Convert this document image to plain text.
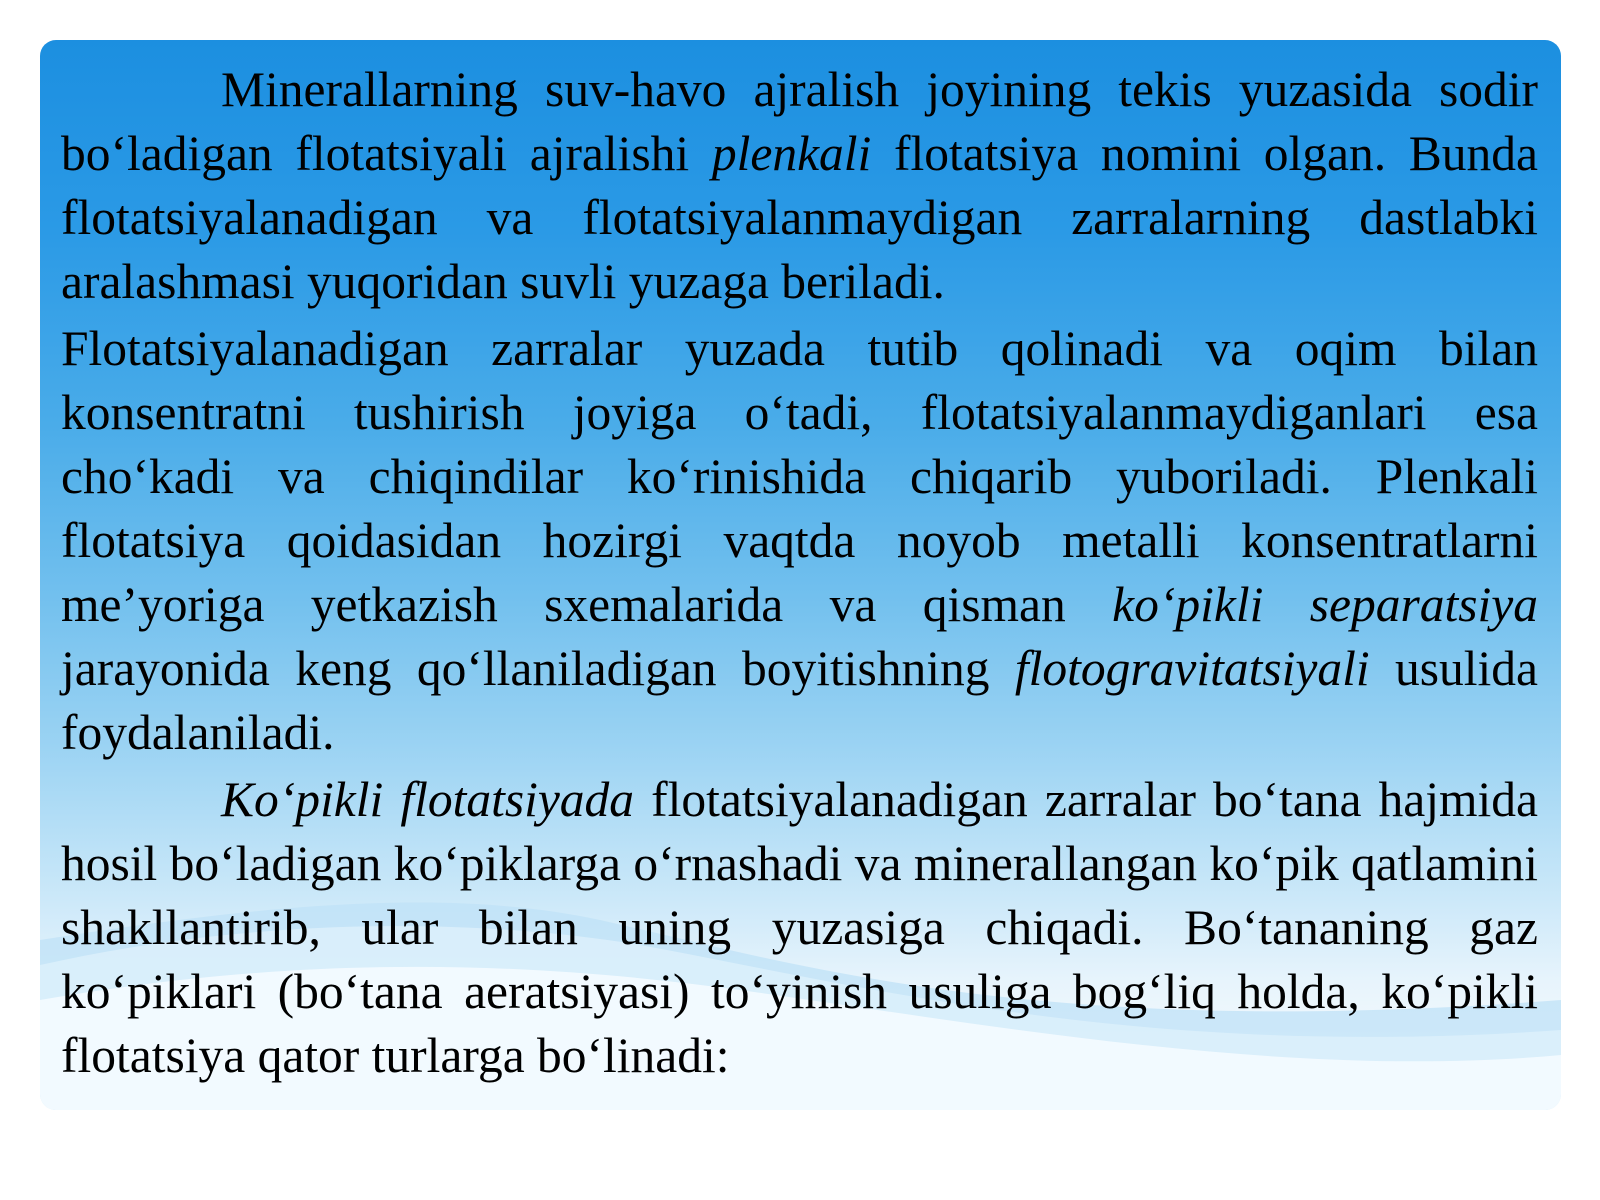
Minerallarning suv-havo ajralish joyining tekis yuzasida sodir bo‘ladigan flotatsiyali ajralishi plenkali flotatsiya nomini olgan. Bunda flotatsiyalanadigan va flotatsiyalanmaydigan zarralarning dastlabki aralashmasi yuqoridan suvli yuzaga beriladi.

Flotatsiyalanadigan zarralar yuzada tutib qolinadi va oqim bilan konsentratni tushirish joyiga o‘tadi, flotatsiyalanmaydiganlari esa cho‘kadi va chiqindilar ko‘rinishida chiqarib yuboriladi. Plenkali flotatsiya qoidasidan hozirgi vaqtda noyob metalli konsentratlarni me’yoriga yetkazish sxemalarida va qisman ko‘pikli separatsiya jarayonida keng qo‘llaniladigan boyitishning flotogravitatsiyali usulida foydalaniladi.

Ko‘pikli flotatsiyada flotatsiyalanadigan zarralar bo‘tana hajmida hosil bo‘ladigan ko‘piklarga o‘rnashadi va minerallangan ko‘pik qatlamini shakllantirib, ular bilan uning yuzasiga chiqadi. Bo‘tananing gaz ko‘piklari (bo‘tana aeratsiyasi) to‘yinish usuliga bog‘liq holda, ko‘pikli flotatsiya qator turlarga bo‘linadi:
